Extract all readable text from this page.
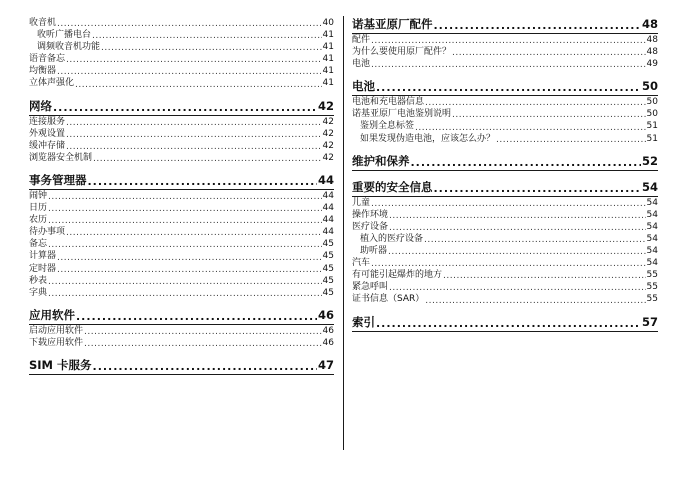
收音机 .....	40
收听广播电台 .....	41
调频收音机功能 .....	41
语音备忘 .....	41
均衡器 .....	41
立体声强化 .....	41
网络 .....	42
连接服务 .....	42
外观设置 .....	42
缓冲存储 .....	42
浏览器安全机制 .....	42
事务管理器 .....	44
闹钟 .....	44
日历 .....	44
农历 .....	44
待办事项 .....	44
备忘 .....	45
计算器 .....	45
定时器 .....	45
秒表 .....	45
字典 .....	45
应用软件 .....	46
启动应用软件 .....	46
下载应用软件 .....	46
SIM 卡服务 .....	47
诺基亚原厂配件 .....	48
配件 .....	48
为什么要使用原厂配件？ .....	48
电池 .....	49
电池 .....	50
电池和充电器信息 .....	50
诺基亚原厂电池鉴别说明 .....	50
鉴别全息标签 .....	51
如果发现伪造电池，应该怎么办？ .....	51
维护和保养 .....	52
重要的安全信息 .....	54
儿童 .....	54
操作环境 .....	54
医疗设备 .....	54
植入的医疗设备 .....	54
助听器 .....	54
汽车 .....	54
有可能引起爆炸的地方 .....	55
紧急呼叫 .....	55
证书信息（SAR） .....	55
索引 .....	57
